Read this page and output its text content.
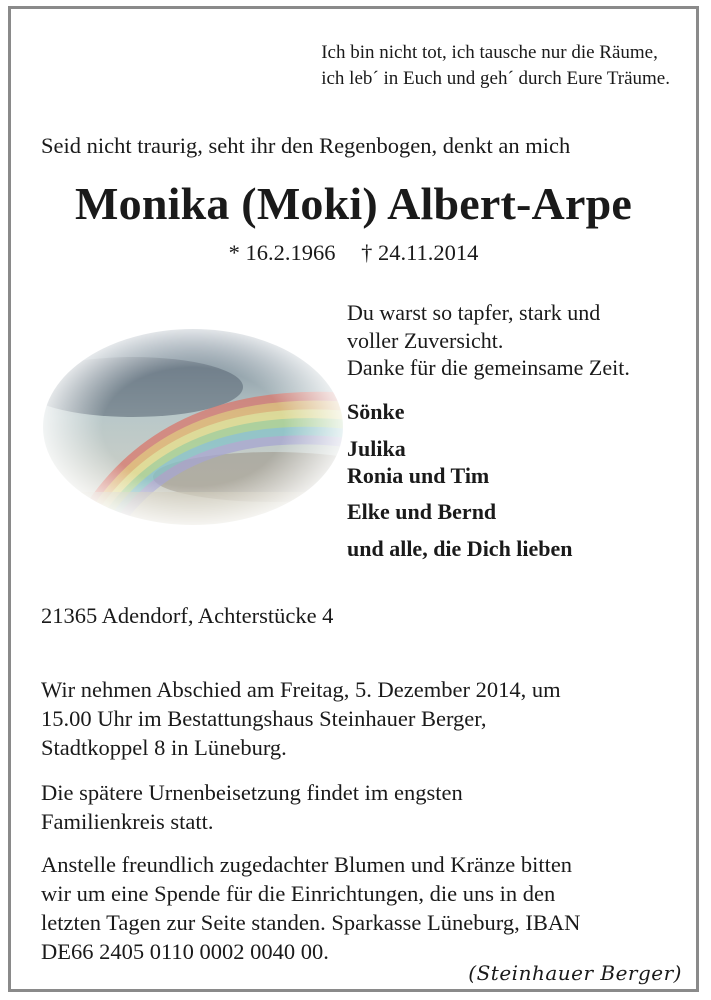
Ich bin nicht tot, ich tausche nur die Räume,
ich leb´ in Euch und geh´ durch Eure Träume.
Seid nicht traurig, seht ihr den Regenbogen, denkt an mich
Monika (Moki) Albert-Arpe
* 16.2.1966 † 24.11.2014
Du warst so tapfer, stark und
voller Zuversicht.
Danke für die gemeinsame Zeit.
Sönke
Julika
Ronia und Tim
Elke und Bernd
und alle, die Dich lieben
21365 Adendorf, Achterstücke 4
Wir nehmen Abschied am Freitag, 5. Dezember 2014, um
15.00 Uhr im Bestattungshaus Steinhauer Berger,
Stadtkoppel 8 in Lüneburg.
Die spätere Urnenbeisetzung findet im engsten
Familienkreis statt.
Anstelle freundlich zugedachter Blumen und Kränze bitten
wir um eine Spende für die Einrichtungen, die uns in den
letzten Tagen zur Seite standen. Sparkasse Lüneburg, IBAN
DE66 2405 0110 0002 0040 00.
(Steinhauer Berger)
